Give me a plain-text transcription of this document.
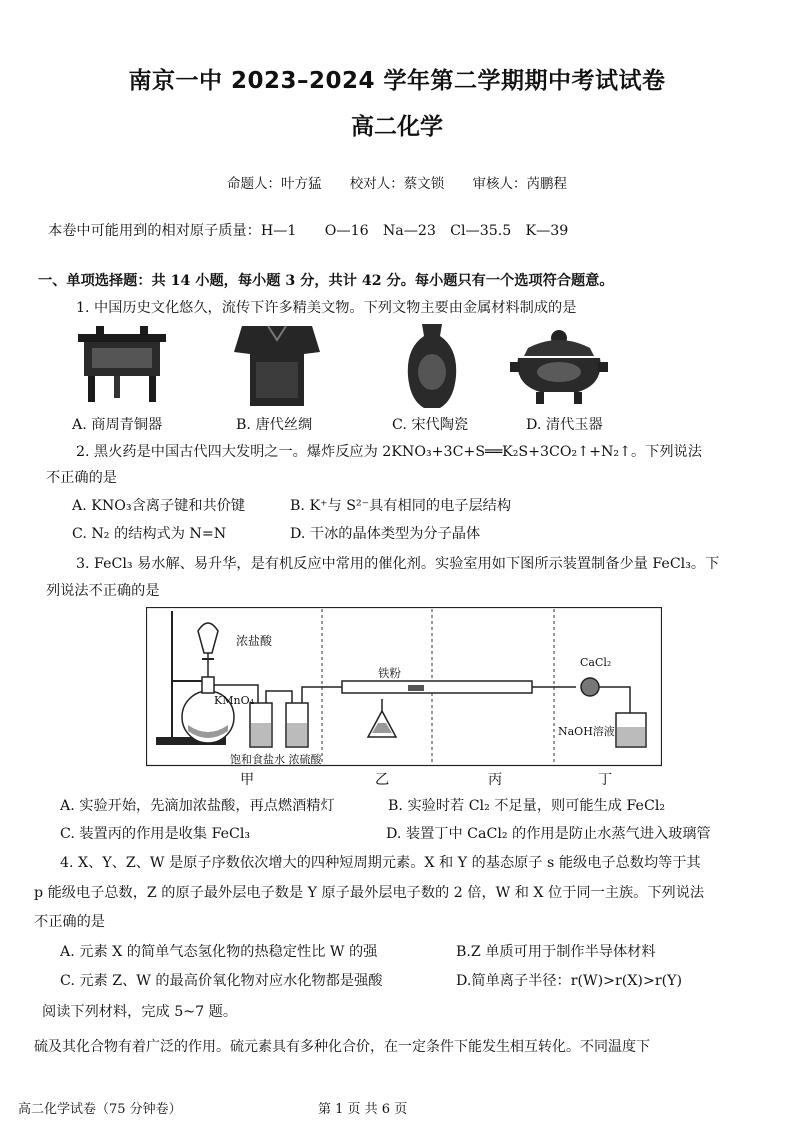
南京一中 2023–2024 学年第二学期期中考试试卷
高二化学
命题人：叶方猛 校对人：蔡文锁 审核人：芮鹏程
本卷中可能用到的相对原子质量：H—1　　O—16　Na—23　Cl—35.5　K—39
一、单项选择题：共 14 小题，每小题 3 分，共计 42 分。每小题只有一个选项符合题意。
1. 中国历史文化悠久，流传下许多精美文物。下列文物主要由金属材料制成的是
A. 商周青铜器	B. 唐代丝绸	C. 宋代陶瓷	D. 清代玉器
2. 黑火药是中国古代四大发明之一。爆炸反应为 2KNO₃+3C+S══K₂S+3CO₂↑+N₂↑。下列说法
不正确的是
A. KNO₃含离子键和共价键	B. K⁺与 S²⁻具有相同的电子层结构
C. N₂ 的结构式为 N=N	D. 干冰的晶体类型为分子晶体
3. FeCl₃ 易水解、易升华，是有机反应中常用的催化剂。实验室用如下图所示装置制备少量 FeCl₃。下
列说法不正确的是
浓盐酸
KMnO₄
铁粉
CaCl₂
NaOH溶液
饱和食盐水 浓硫酸
甲	乙	丙	丁
A. 实验开始，先滴加浓盐酸，再点燃酒精灯	B. 实验时若 Cl₂ 不足量，则可能生成 FeCl₂
C. 装置丙的作用是收集 FeCl₃	D. 装置丁中 CaCl₂ 的作用是防止水蒸气进入玻璃管
4. X、Y、Z、W 是原子序数依次增大的四种短周期元素。X 和 Y 的基态原子 s 能级电子总数均等于其
p 能级电子总数，Z 的原子最外层电子数是 Y 原子最外层电子数的 2 倍，W 和 X 位于同一主族。下列说法
不正确的是
A. 元素 X 的简单气态氢化物的热稳定性比 W 的强	B.Z 单质可用于制作半导体材料
C. 元素 Z、W 的最高价氧化物对应水化物都是强酸	D.简单离子半径：r(W)>r(X)>r(Y)
阅读下列材料，完成 5~7 题。
硫及其化合物有着广泛的作用。硫元素具有多种化合价，在一定条件下能发生相互转化。不同温度下
高二化学试卷（75 分钟卷）	第 1 页 共 6 页
